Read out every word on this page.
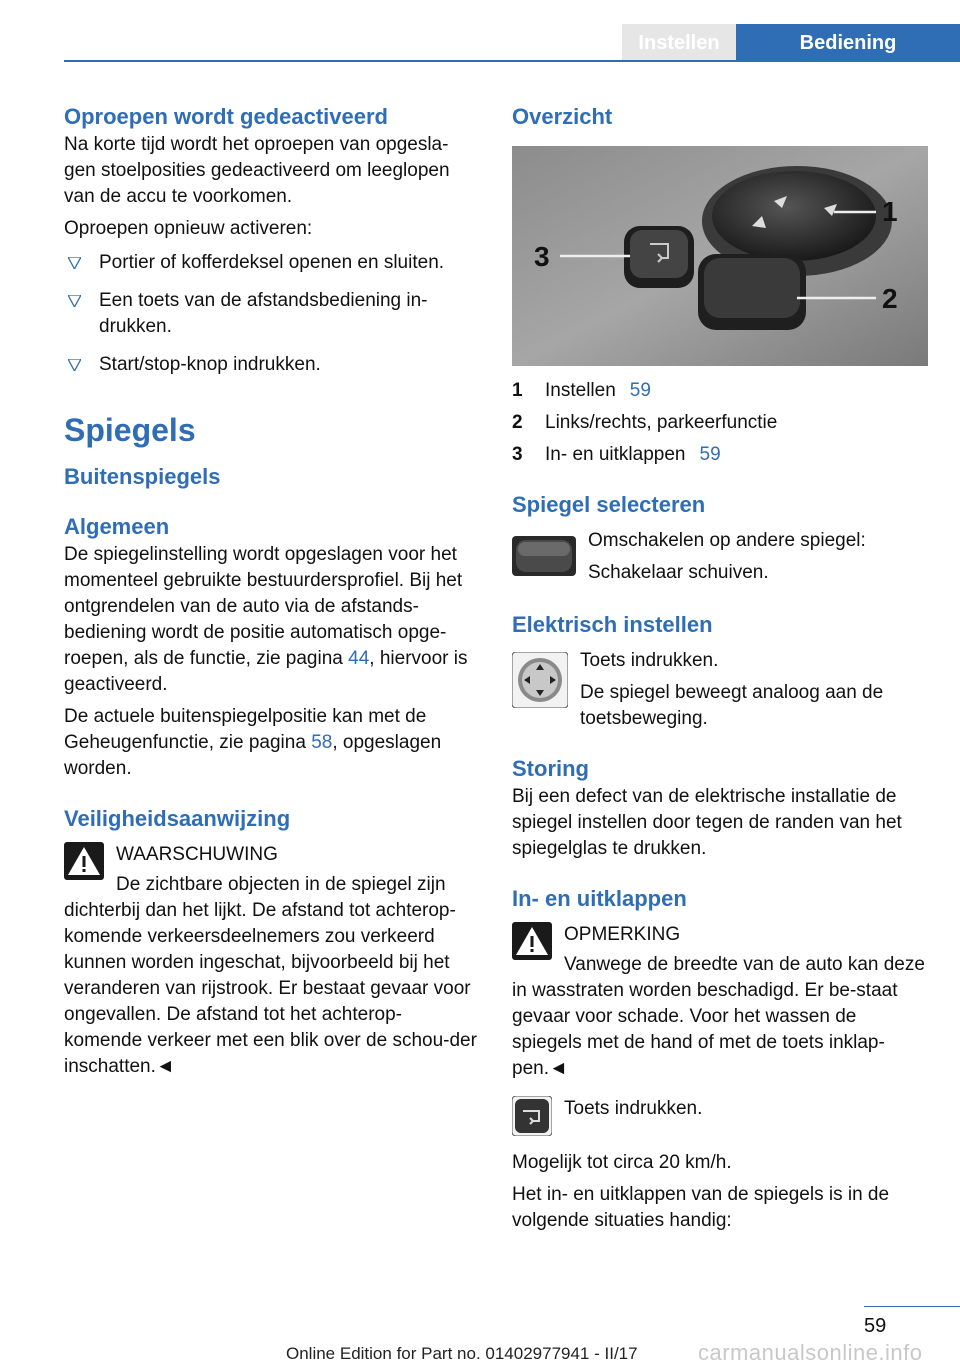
Instellen	Bediening
Oproepen wordt gedeactiveerd
Na korte tijd wordt het oproepen van opgesla-gen stoelposities gedeactiveerd om leeglopen van de accu te voorkomen.
Oproepen opnieuw activeren:
Portier of kofferdeksel openen en sluiten.
Een toets van de afstandsbediening in-drukken.
Start/stop-knop indrukken.
Spiegels
Buitenspiegels
Algemeen
De spiegelinstelling wordt opgeslagen voor het momenteel gebruikte bestuurdersprofiel. Bij het ontgrendelen van de auto via de afstands-bediening wordt de positie automatisch opge-roepen, als de functie, zie pagina 44, hiervoor is geactiveerd.
De actuele buitenspiegelpositie kan met de Geheugenfunctie, zie pagina 58, opgeslagen worden.
Veiligheidsaanwijzing
WAARSCHUWING
De zichtbare objecten in de spiegel zijn dichterbij dan het lijkt. De afstand tot achterop-komende verkeersdeelnemers zou verkeerd kunnen worden ingeschat, bijvoorbeeld bij het veranderen van rijstrook. Er bestaat gevaar voor ongevallen. De afstand tot het achterop-komende verkeer met een blik over de schou-der inschatten.◄
Overzicht
1
2
3
1	Instellen 59
2	Links/rechts, parkeerfunctie
3	In- en uitklappen 59
Spiegel selecteren
Omschakelen op andere spiegel:
Schakelaar schuiven.
Elektrisch instellen
Toets indrukken.
De spiegel beweegt analoog aan de toetsbeweging.
Storing
Bij een defect van de elektrische installatie de spiegel instellen door tegen de randen van het spiegelglas te drukken.
In- en uitklappen
OPMERKING
Vanwege de breedte van de auto kan deze in wasstraten worden beschadigd. Er be-staat gevaar voor schade. Voor het wassen de spiegels met de hand of met de toets inklap-pen.◄
Toets indrukken.
Mogelijk tot circa 20 km/h.
Het in- en uitklappen van de spiegels is in de volgende situaties handig:
59
Online Edition for Part no. 01402977941 - II/17	carmanualsonline.info
